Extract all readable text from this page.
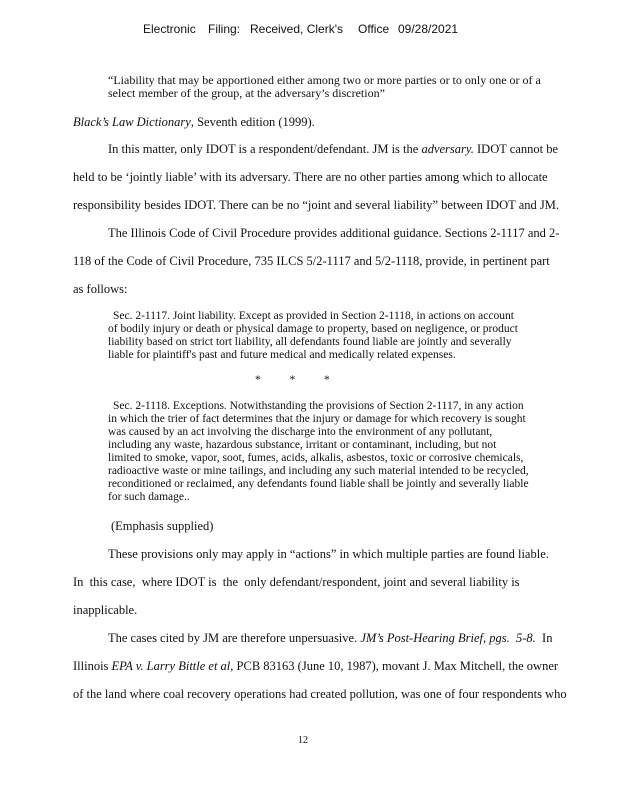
Electronic Filing: Received, Clerk's Office 09/28/2021

“Liability that may be apportioned either among two or more parties or to only one or of a

select member of the group, at the adversary’s discretion”

Black’s Law Dictionary, Seventh edition (1999).

In this matter, only IDOT is a respondent/defendant. JM is the adversary. IDOT cannot be

held to be ‘jointly liable’ with its adversary. There are no other parties among which to allocate

responsibility besides IDOT. There can be no “joint and several liability” between IDOT and JM.

The Illinois Code of Civil Procedure provides additional guidance. Sections 2-1117 and 2-

118 of the Code of Civil Procedure, 735 ILCS 5/2-1117 and 5/2-1118, provide, in pertinent part

as follows:

Sec. 2-1117. Joint liability. Except as provided in Section 2-1118, in actions on account

of bodily injury or death or physical damage to property, based on negligence, or product

liability based on strict tort liability, all defendants found liable are jointly and severally

liable for plaintiff's past and future medical and medically related expenses.

*          *          *

Sec. 2-1118. Exceptions. Notwithstanding the provisions of Section 2-1117, in any action

in which the trier of fact determines that the injury or damage for which recovery is sought

was caused by an act involving the discharge into the environment of any pollutant,

including any waste, hazardous substance, irritant or contaminant, including, but not

limited to smoke, vapor, soot, fumes, acids, alkalis, asbestos, toxic or corrosive chemicals,

radioactive waste or mine tailings, and including any such material intended to be recycled,

reconditioned or reclaimed, any defendants found liable shall be jointly and severally liable

for such damage..

(Emphasis supplied)

These provisions only may apply in “actions” in which multiple parties are found liable.

In  this case,  where IDOT is  the  only defendant/respondent, joint and several liability is

inapplicable.

The cases cited by JM are therefore unpersuasive. JM’s Post-Hearing Brief, pgs.  5-8.  In

Illinois EPA v. Larry Bittle et al, PCB 83163 (June 10, 1987), movant J. Max Mitchell, the owner

of the land where coal recovery operations had created pollution, was one of four respondents who

12
